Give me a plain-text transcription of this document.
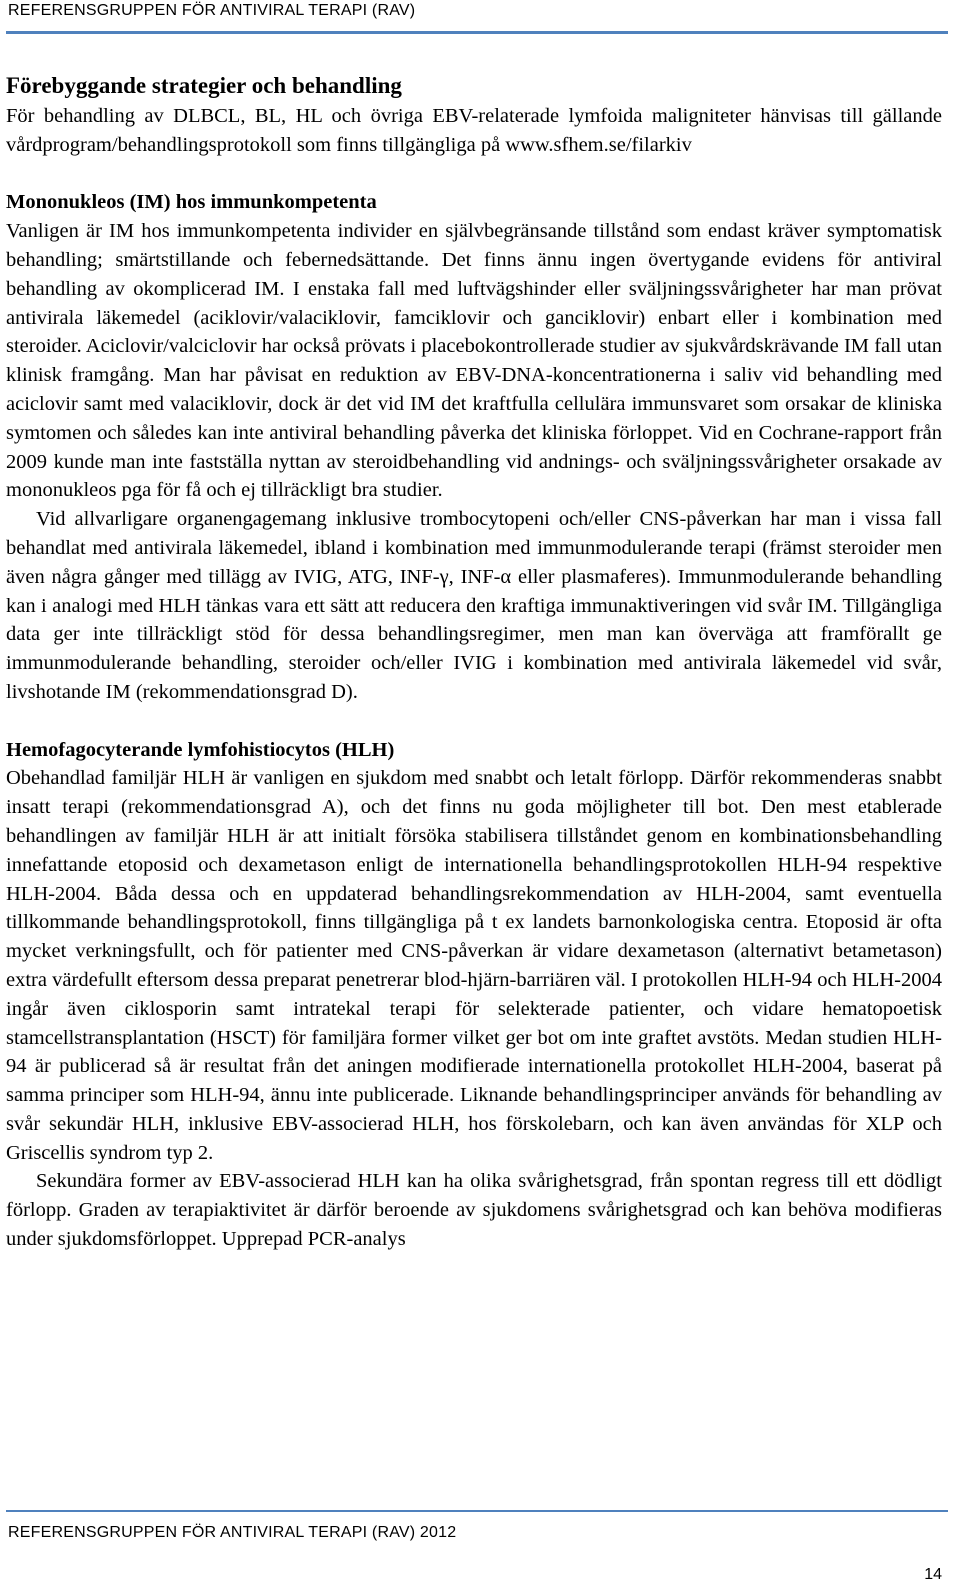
REFERENSGRUPPEN FÖR ANTIVIRAL TERAPI (RAV)
Förebyggande strategier och behandling

För behandling av DLBCL, BL, HL och övriga EBV-relaterade lymfoida maligniteter hänvisas till gällande vårdprogram/behandlingsprotokoll som finns tillgängliga på www.sfhem.se/filarkiv

Mononukleos (IM) hos immunkompetenta

Vanligen är IM hos immunkompetenta individer en självbegränsande tillstånd som endast kräver symptomatisk behandling; smärtstillande och febernedsättande. Det finns ännu ingen övertygande evidens för antiviral behandling av okomplicerad IM. I enstaka fall med luftvägshinder eller sväljningssvårigheter har man prövat antivirala läkemedel (aciklovir/valaciklovir, famciklovir och ganciklovir) enbart eller i kombination med steroider. Aciclovir/valciclovir har också prövats i placebokontrollerade studier av sjukvårdskrävande IM fall utan klinisk framgång. Man har påvisat en reduktion av EBV-DNA-koncentrationerna i saliv vid behandling med aciclovir samt med valaciklovir, dock är det vid IM det kraftfulla cellulära immunsvaret som orsakar de kliniska symtomen och således kan inte antiviral behandling påverka det kliniska förloppet. Vid en Cochrane-rapport från 2009 kunde man inte fastställa nyttan av steroidbehandling vid andnings- och sväljningssvårigheter orsakade av mononukleos pga för få och ej tillräckligt bra studier.

Vid allvarligare organengagemang inklusive trombocytopeni och/eller CNS-påverkan har man i vissa fall behandlat med antivirala läkemedel, ibland i kombination med immunmodulerande terapi (främst steroider men även några gånger med tillägg av IVIG, ATG, INF-γ, INF-α eller plasmaferes). Immunmodulerande behandling kan i analogi med HLH tänkas vara ett sätt att reducera den kraftiga immunaktiveringen vid svår IM. Tillgängliga data ger inte tillräckligt stöd för dessa behandlingsregimer, men man kan överväga att framförallt ge immunmodulerande behandling, steroider och/eller IVIG i kombination med antivirala läkemedel vid svår, livshotande IM (rekommendationsgrad D).

Hemofagocyterande lymfohistiocytos (HLH)

Obehandlad familjär HLH är vanligen en sjukdom med snabbt och letalt förlopp. Därför rekommenderas snabbt insatt terapi (rekommendationsgrad A), och det finns nu goda möjligheter till bot. Den mest etablerade behandlingen av familjär HLH är att initialt försöka stabilisera tillståndet genom en kombinationsbehandling innefattande etoposid och dexametason enligt de internationella behandlingsprotokollen HLH-94 respektive HLH-2004. Båda dessa och en uppdaterad behandlingsrekommendation av HLH-2004, samt eventuella tillkommande behandlingsprotokoll, finns tillgängliga på t ex landets barnonkologiska centra. Etoposid är ofta mycket verkningsfullt, och för patienter med CNS-påverkan är vidare dexametason (alternativt betametason) extra värdefullt eftersom dessa preparat penetrerar blod-hjärn-barriären väl. I protokollen HLH-94 och HLH-2004 ingår även ciklosporin samt intratekal terapi för selekterade patienter, och vidare hematopoetisk stamcellstransplantation (HSCT) för familjära former vilket ger bot om inte graftet avstöts. Medan studien HLH-94 är publicerad så är resultat från det aningen modifierade internationella protokollet HLH-2004, baserat på samma principer som HLH-94, ännu inte publicerade. Liknande behandlingsprinciper används för behandling av svår sekundär HLH, inklusive EBV-associerad HLH, hos förskolebarn, och kan även användas för XLP och Griscellis syndrom typ 2.

Sekundära former av EBV-associerad HLH kan ha olika svårighetsgrad, från spontan regress till ett dödligt förlopp. Graden av terapiaktivitet är därför beroende av sjukdomens svårighetsgrad och kan behöva modifieras under sjukdomsförloppet. Upprepad PCR-analys

REFERENSGRUPPEN FÖR ANTIVIRAL TERAPI (RAV) 2012
14
